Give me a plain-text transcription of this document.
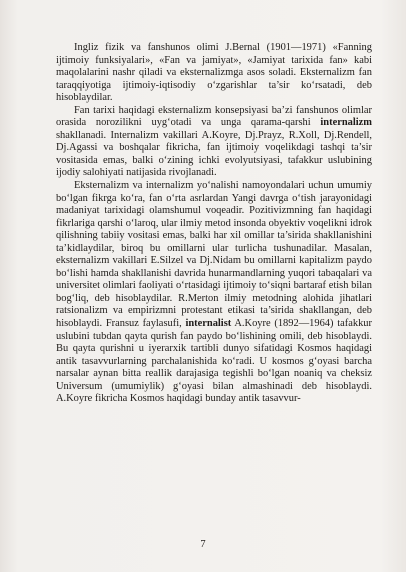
Ingliz fizik va fanshunos olimi J.Bernal (1901—1971) «Fanning ijtimoiy funksiyalari», «Fan va jamiyat», «Jamiyat tarixida fan» kabi maqolalarini nashr qiladi va eksternalizmga asos soladi. Eksternalizm fan taraqqiyotiga ijtimoiy-iqtisodiy o‘zgarishlar ta’sir ko‘rsatadi, deb hisoblaydilar.

Fan tarixi haqidagi eksternalizm konsepsiyasi ba’zi fanshunos olimlar orasida norozilikni uyg‘otadi va unga qarama-qarshi internalizm shakllanadi. Internalizm vakillari A.Koyre, Dj.Prayz, R.Xoll, Dj.Rendell, Dj.Agassi va boshqalar fikricha, fan ijtimoiy voqelikdagi tashqi ta’sir vositasida emas, balki o‘zining ichki evolyutsiyasi, tafakkur uslubining ijodiy salohiyati natijasida rivojlanadi.

Eksternalizm va internalizm yo‘nalishi namoyondalari uchun umumiy bo‘lgan fikrga ko‘ra, fan o‘rta asrlardan Yangi davrga o‘tish jarayonidagi madaniyat tarixidagi olamshumul voqeadir. Pozitivizmning fan haqidagi fikrlariga qarshi o‘laroq, ular ilmiy metod insonda obyektiv voqelikni idrok qilishning tabiiy vositasi emas, balki har xil omillar ta’sirida shakllanishini ta’kidlaydilar, biroq bu omillarni ular turlicha tushunadilar. Masalan, eksternalizm vakillari E.Silzel va Dj.Nidam bu omillarni kapitalizm paydo bo‘lishi hamda shakllanishi davrida hunarmandlarning yuqori tabaqalari va universitet olimlari faoliyati o‘rtasidagi ijtimoiy to‘siqni bartaraf etish bilan bog‘liq, deb hisoblaydilar. R.Merton ilmiy metodning alohida jihatlari ratsionalizm va empirizmni protestant etikasi ta’sirida shakllangan, deb hisoblaydi. Fransuz faylasufi, internalist A.Koyre (1892—1964) tafakkur uslubini tubdan qayta qurish fan paydo bo‘lishining omili, deb hisoblaydi. Bu qayta qurishni u iyerarxik tartibli dunyo sifatidagi Kosmos haqidagi antik tasavvurlarning parchalanishida ko‘radi. U kosmos g‘oyasi barcha narsalar aynan bitta reallik darajasiga tegishli bo‘lgan noaniq va cheksiz Universum (umumiylik) g‘oyasi bilan almashinadi deb hisoblaydi. A.Koyre fikricha Kosmos haqidagi bunday antik tasavvur-

7
